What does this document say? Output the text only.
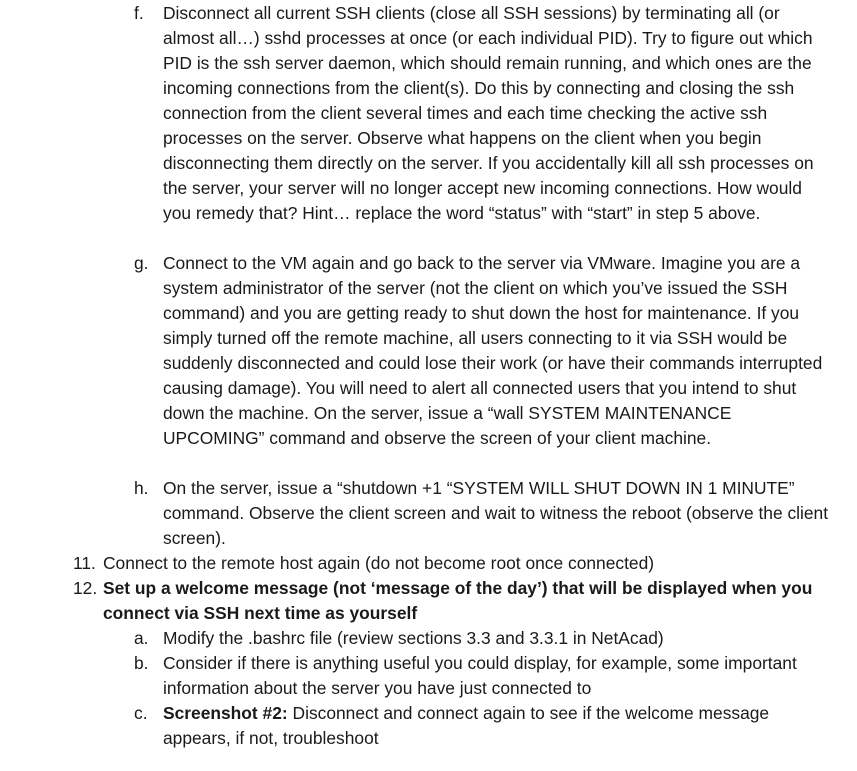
f. Disconnect all current SSH clients (close all SSH sessions) by terminating all (or almost all…) sshd processes at once (or each individual PID). Try to figure out which PID is the ssh server daemon, which should remain running, and which ones are the incoming connections from the client(s). Do this by connecting and closing the ssh connection from the client several times and each time checking the active ssh processes on the server. Observe what happens on the client when you begin disconnecting them directly on the server. If you accidentally kill all ssh processes on the server, your server will no longer accept new incoming connections. How would you remedy that? Hint… replace the word “status” with “start” in step 5 above.
g. Connect to the VM again and go back to the server via VMware. Imagine you are a system administrator of the server (not the client on which you’ve issued the SSH command) and you are getting ready to shut down the host for maintenance. If you simply turned off the remote machine, all users connecting to it via SSH would be suddenly disconnected and could lose their work (or have their commands interrupted causing damage). You will need to alert all connected users that you intend to shut down the machine. On the server, issue a “wall SYSTEM MAINTENANCE UPCOMING” command and observe the screen of your client machine.
h. On the server, issue a “shutdown +1 “SYSTEM WILL SHUT DOWN IN 1 MINUTE” command. Observe the client screen and wait to witness the reboot (observe the client screen).
11. Connect to the remote host again (do not become root once connected)
12. Set up a welcome message (not ‘message of the day’) that will be displayed when you connect via SSH next time as yourself
a. Modify the .bashrc file (review sections 3.3 and 3.3.1 in NetAcad)
b. Consider if there is anything useful you could display, for example, some important information about the server you have just connected to
c. Screenshot #2: Disconnect and connect again to see if the welcome message appears, if not, troubleshoot
